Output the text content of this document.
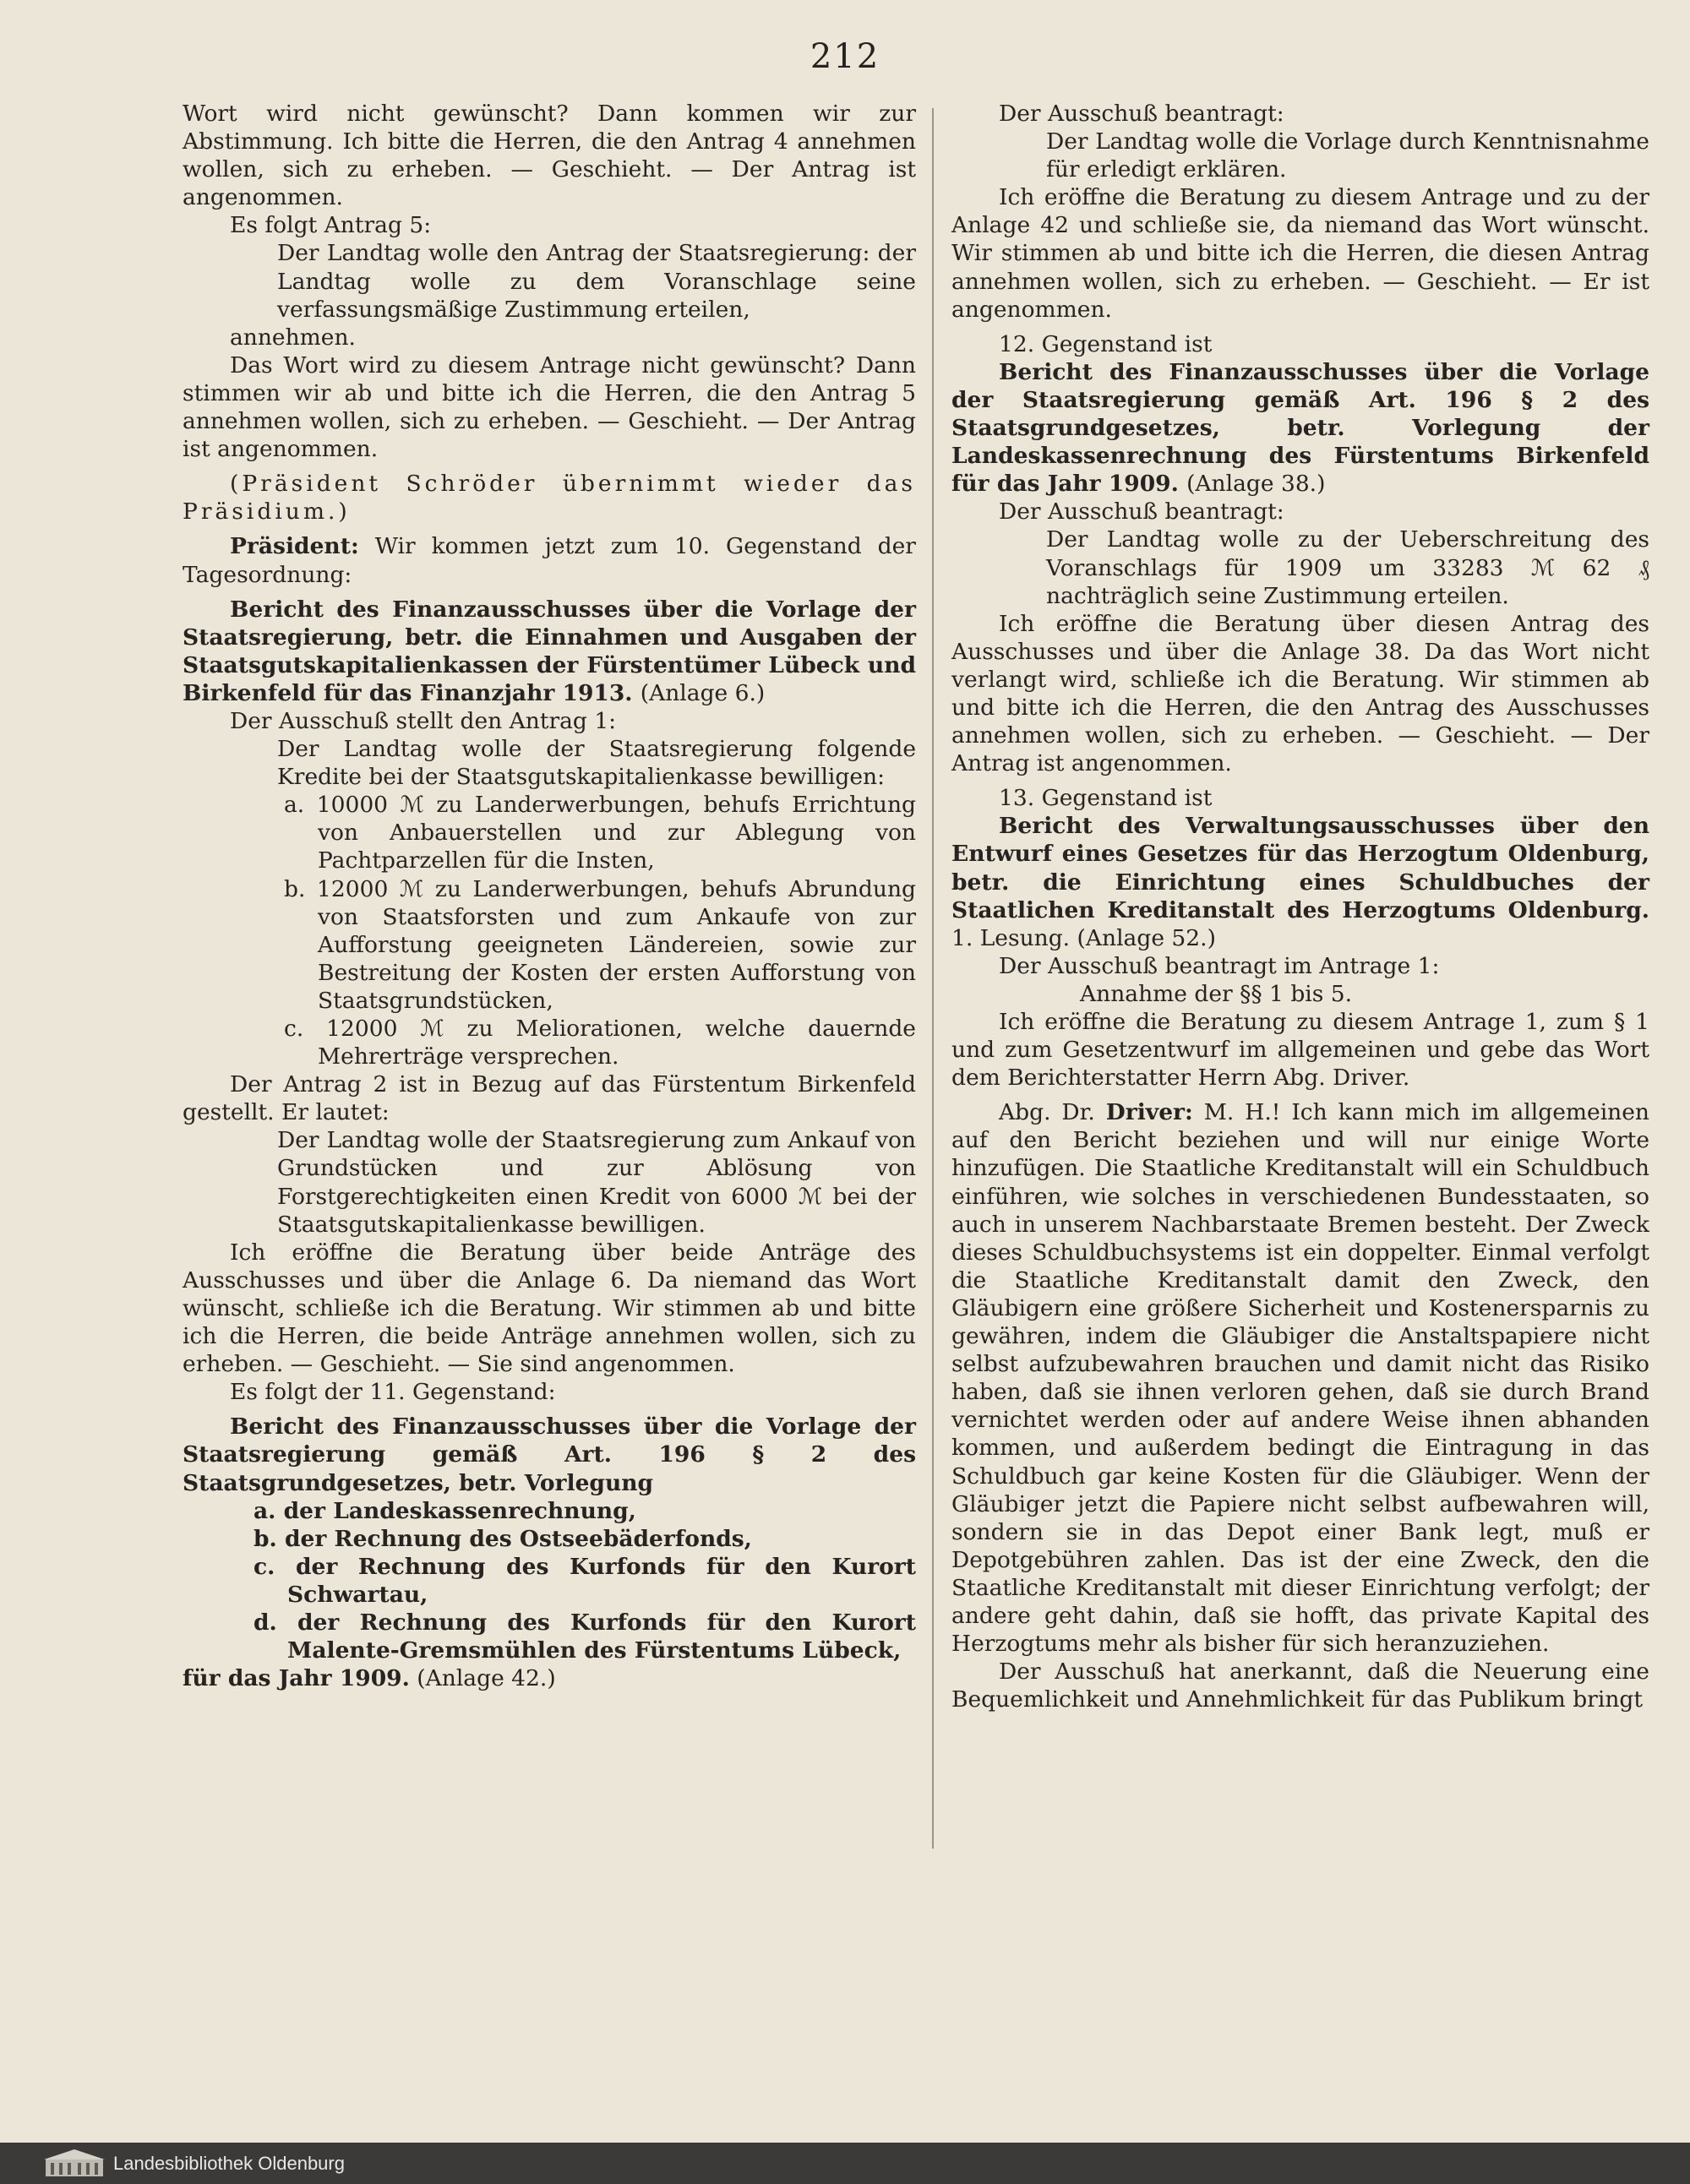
212

Wort wird nicht gewünscht? Dann kommen wir zur Abstimmung. Ich bitte die Herren, die den Antrag 4 annehmen wollen, sich zu erheben. — Geschieht. — Der Antrag ist angenommen.

Es folgt Antrag 5:

Der Landtag wolle den Antrag der Staatsregierung: der Landtag wolle zu dem Voranschlage seine verfassungsmäßige Zustimmung erteilen,

annehmen.

Das Wort wird zu diesem Antrage nicht gewünscht? Dann stimmen wir ab und bitte ich die Herren, die den Antrag 5 annehmen wollen, sich zu erheben. — Geschieht. — Der Antrag ist angenommen.

(Präsident Schröder übernimmt wieder das Präsidium.)

Präsident: Wir kommen jetzt zum 10. Gegenstand der Tagesordnung:

Bericht des Finanzausschusses über die Vorlage der Staatsregierung, betr. die Einnahmen und Ausgaben der Staatsgutskapitalienkassen der Fürstentümer Lübeck und Birkenfeld für das Finanzjahr 1913. (Anlage 6.)

Der Ausschuß stellt den Antrag 1:

Der Landtag wolle der Staatsregierung folgende Kredite bei der Staatsgutskapitalienkasse bewilligen:

a. 10000 ℳ zu Landerwerbungen, behufs Errichtung von Anbauerstellen und zur Ablegung von Pachtparzellen für die Insten,

b. 12000 ℳ zu Landerwerbungen, behufs Abrundung von Staatsforsten und zum Ankaufe von zur Aufforstung geeigneten Ländereien, sowie zur Bestreitung der Kosten der ersten Aufforstung von Staatsgrundstücken,

c. 12000 ℳ zu Meliorationen, welche dauernde Mehrerträge versprechen.

Der Antrag 2 ist in Bezug auf das Fürstentum Birkenfeld gestellt. Er lautet:

Der Landtag wolle der Staatsregierung zum Ankauf von Grundstücken und zur Ablösung von Forstgerechtigkeiten einen Kredit von 6000 ℳ bei der Staatsgutskapitalienkasse bewilligen.

Ich eröffne die Beratung über beide Anträge des Ausschusses und über die Anlage 6. Da niemand das Wort wünscht, schließe ich die Beratung. Wir stimmen ab und bitte ich die Herren, die beide Anträge annehmen wollen, sich zu erheben. — Geschieht. — Sie sind angenommen.

Es folgt der 11. Gegenstand:

Bericht des Finanzausschusses über die Vorlage der Staatsregierung gemäß Art. 196 § 2 des Staatsgrundgesetzes, betr. Vorlegung

a. der Landeskassenrechnung,

b. der Rechnung des Ostseebäderfonds,

c. der Rechnung des Kurfonds für den Kurort Schwartau,

d. der Rechnung des Kurfonds für den Kurort Malente-Gremsmühlen des Fürstentums Lübeck,

für das Jahr 1909. (Anlage 42.)

Der Ausschuß beantragt:

Der Landtag wolle die Vorlage durch Kenntnisnahme für erledigt erklären.

Ich eröffne die Beratung zu diesem Antrage und zu der Anlage 42 und schließe sie, da niemand das Wort wünscht. Wir stimmen ab und bitte ich die Herren, die diesen Antrag annehmen wollen, sich zu erheben. — Geschieht. — Er ist angenommen.

12. Gegenstand ist

Bericht des Finanzausschusses über die Vorlage der Staatsregierung gemäß Art. 196 § 2 des Staatsgrundgesetzes, betr. Vorlegung der Landeskassenrechnung des Fürstentums Birkenfeld für das Jahr 1909. (Anlage 38.)

Der Ausschuß beantragt:

Der Landtag wolle zu der Ueberschreitung des Voranschlags für 1909 um 33283 ℳ 62 ₰ nachträglich seine Zustimmung erteilen.

Ich eröffne die Beratung über diesen Antrag des Ausschusses und über die Anlage 38. Da das Wort nicht verlangt wird, schließe ich die Beratung. Wir stimmen ab und bitte ich die Herren, die den Antrag des Ausschusses annehmen wollen, sich zu erheben. — Geschieht. — Der Antrag ist angenommen.

13. Gegenstand ist

Bericht des Verwaltungsausschusses über den Entwurf eines Gesetzes für das Herzogtum Oldenburg, betr. die Einrichtung eines Schuldbuches der Staatlichen Kreditanstalt des Herzogtums Oldenburg. 1. Lesung. (Anlage 52.)

Der Ausschuß beantragt im Antrage 1:

Annahme der §§ 1 bis 5.

Ich eröffne die Beratung zu diesem Antrage 1, zum § 1 und zum Gesetzentwurf im allgemeinen und gebe das Wort dem Berichterstatter Herrn Abg. Driver.

Abg. Dr. Driver: M. H.! Ich kann mich im allgemeinen auf den Bericht beziehen und will nur einige Worte hinzufügen. Die Staatliche Kreditanstalt will ein Schuldbuch einführen, wie solches in verschiedenen Bundesstaaten, so auch in unserem Nachbarstaate Bremen besteht. Der Zweck dieses Schuldbuchsystems ist ein doppelter. Einmal verfolgt die Staatliche Kreditanstalt damit den Zweck, den Gläubigern eine größere Sicherheit und Kostenersparnis zu gewähren, indem die Gläubiger die Anstaltspapiere nicht selbst aufzubewahren brauchen und damit nicht das Risiko haben, daß sie ihnen verloren gehen, daß sie durch Brand vernichtet werden oder auf andere Weise ihnen abhanden kommen, und außerdem bedingt die Eintragung in das Schuldbuch gar keine Kosten für die Gläubiger. Wenn der Gläubiger jetzt die Papiere nicht selbst aufbewahren will, sondern sie in das Depot einer Bank legt, muß er Depotgebühren zahlen. Das ist der eine Zweck, den die Staatliche Kreditanstalt mit dieser Einrichtung verfolgt; der andere geht dahin, daß sie hofft, das private Kapital des Herzogtums mehr als bisher für sich heranzuziehen.

Der Ausschuß hat anerkannt, daß die Neuerung eine Bequemlichkeit und Annehmlichkeit für das Publikum bringt

Landesbibliothek Oldenburg
